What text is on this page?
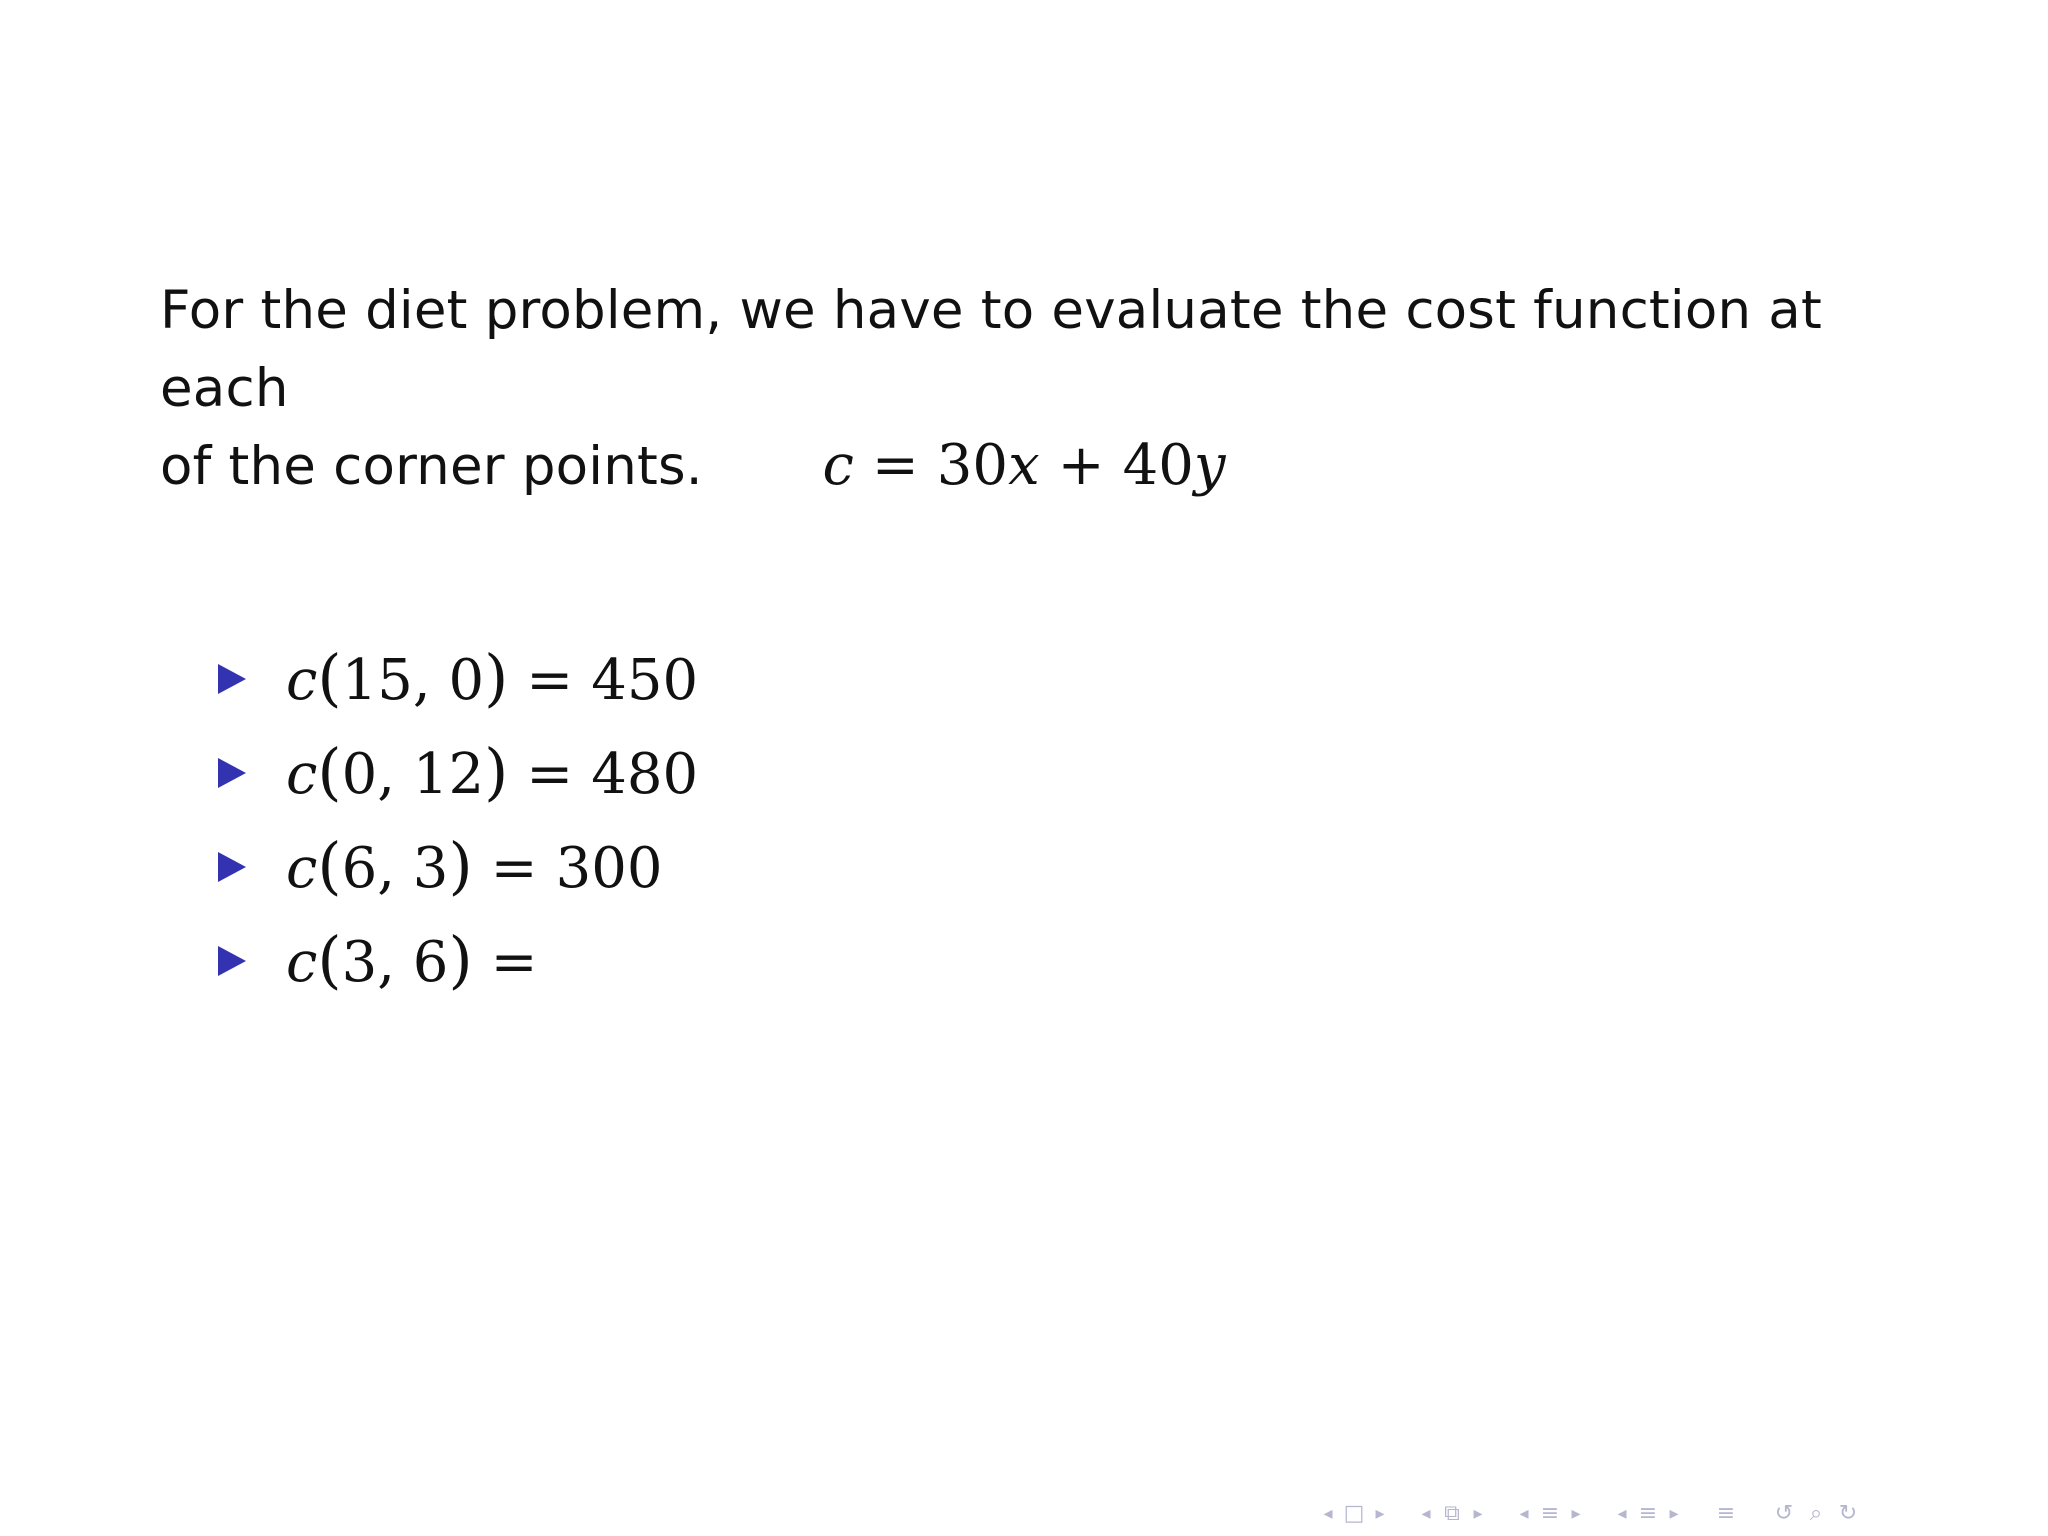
For the diet problem, we have to evaluate the cost function at each
of the corner points.	c = 30x + 40y
c(15, 0) = 450
c(0, 12) = 480
c(6, 3) = 300
c(3, 6) =
◂ □ ▸ ◂ ⧉ ▸ ◂ ≡ ▸ ◂ ≡ ▸ ≡ ↺ ⌕ ↻
